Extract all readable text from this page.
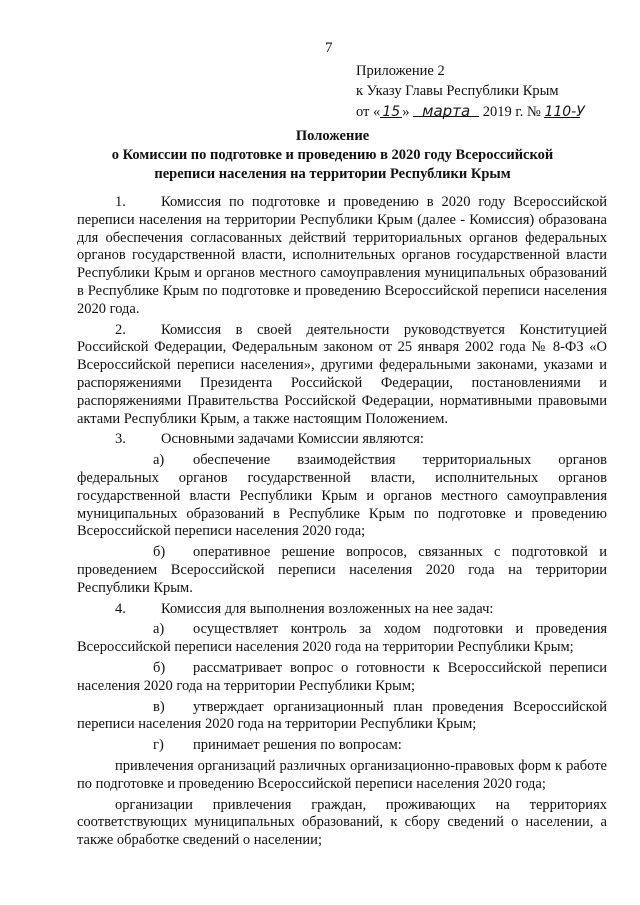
7
Приложение 2
к Указу Главы Республики Крым
от « 15 » марта 2019 г. № 110-У
Положение
о Комиссии по подготовке и проведению в 2020 году Всероссийской
переписи населения на территории Республики Крым

1. Комиссия по подготовке и проведению в 2020 году Всероссийской переписи населения на территории Республики Крым (далее - Комиссия) образована для обеспечения согласованных действий территориальных органов федеральных органов государственной власти, исполнительных органов государственной власти Республики Крым и органов местного самоуправления муниципальных образований в Республике Крым по подготовке и проведению Всероссийской переписи населения 2020 года.

2. Комиссия в своей деятельности руководствуется Конституцией Российской Федерации, Федеральным законом от 25 января 2002 года № 8-ФЗ «О Всероссийской переписи населения», другими федеральными законами, указами и распоряжениями Президента Российской Федерации, постановлениями и распоряжениями Правительства Российской Федерации, нормативными правовыми актами Республики Крым, а также настоящим Положением.

3. Основными задачами Комиссии являются:

а) обеспечение взаимодействия территориальных органов федеральных органов государственной власти, исполнительных органов государственной власти Республики Крым и органов местного самоуправления муниципальных образований в Республике Крым по подготовке и проведению Всероссийской переписи населения 2020 года;

б) оперативное решение вопросов, связанных с подготовкой и проведением Всероссийской переписи населения 2020 года на территории Республики Крым.

4. Комиссия для выполнения возложенных на нее задач:

а) осуществляет контроль за ходом подготовки и проведения Всероссийской переписи населения 2020 года на территории Республики Крым;

б) рассматривает вопрос о готовности к Всероссийской переписи населения 2020 года на территории Республики Крым;

в) утверждает организационный план проведения Всероссийской переписи населения 2020 года на территории Республики Крым;

г) принимает решения по вопросам:

привлечения организаций различных организационно-правовых форм к работе по подготовке и проведению Всероссийской переписи населения 2020 года;

организации привлечения граждан, проживающих на территориях соответствующих муниципальных образований, к сбору сведений о населении, а также обработке сведений о населении;
